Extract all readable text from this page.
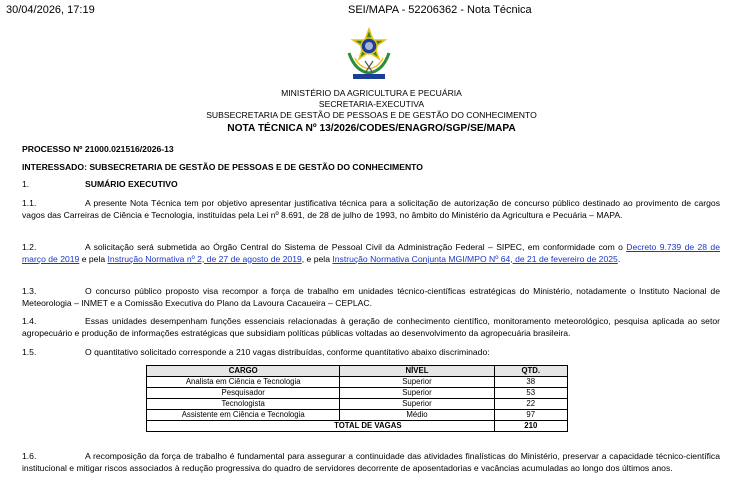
30/04/2026, 17:19	SEI/MAPA - 52206362 - Nota Técnica
MINISTÉRIO DA AGRICULTURA E PECUÁRIA
SECRETARIA-EXECUTIVA
SUBSECRETARIA DE GESTÃO DE PESSOAS E DE GESTÃO DO CONHECIMENTO
NOTA TÉCNICA Nº 13/2026/CODES/ENAGRO/SGP/SE/MAPA
PROCESSO Nº 21000.021516/2026-13
INTERESSADO: SUBSECRETARIA DE GESTÃO DE PESSOAS E DE GESTÃO DO CONHECIMENTO
1.	SUMÁRIO EXECUTIVO
1.1.	A presente Nota Técnica tem por objetivo apresentar justificativa técnica para a solicitação de autorização de concurso público destinado ao provimento de cargos vagos das Carreiras de Ciência e Tecnologia, instituídas pela Lei nº 8.691, de 28 de julho de 1993, no âmbito do Ministério da Agricultura e Pecuária – MAPA.
1.2.	A solicitação será submetida ao Órgão Central do Sistema de Pessoal Civil da Administração Federal – SIPEC, em conformidade com o Decreto 9.739 de 28 de março de 2019 e pela Instrução Normativa nº 2, de 27 de agosto de 2019, e pela Instrução Normativa Conjunta MGI/MPO Nº 64, de 21 de fevereiro de 2025.
1.3.	O concurso público proposto visa recompor a força de trabalho em unidades técnico-científicas estratégicas do Ministério, notadamente o Instituto Nacional de Meteorologia – INMET e a Comissão Executiva do Plano da Lavoura Cacaueira – CEPLAC.
1.4.	Essas unidades desempenham funções essenciais relacionadas à geração de conhecimento científico, monitoramento meteorológico, pesquisa aplicada ao setor agropecuário e produção de informações estratégicas que subsidiam políticas públicas voltadas ao desenvolvimento da agropecuária brasileira.
1.5.	O quantitativo solicitado corresponde a 210 vagas distribuídas, conforme quantitativo abaixo discriminado:
CARGO	NÍVEL	QTD.
Analista em Ciência e Tecnologia	Superior	38
Pesquisador	Superior	53
Tecnologista	Superior	22
Assistente em Ciência e Tecnologia	Médio	97
TOTAL DE VAGAS		210
1.6.	A recomposição da força de trabalho é fundamental para assegurar a continuidade das atividades finalísticas do Ministério, preservar a capacidade técnico-científica institucional e mitigar riscos associados à redução progressiva do quadro de servidores decorrente de aposentadorias e vacâncias acumuladas ao longo dos últimos anos.
